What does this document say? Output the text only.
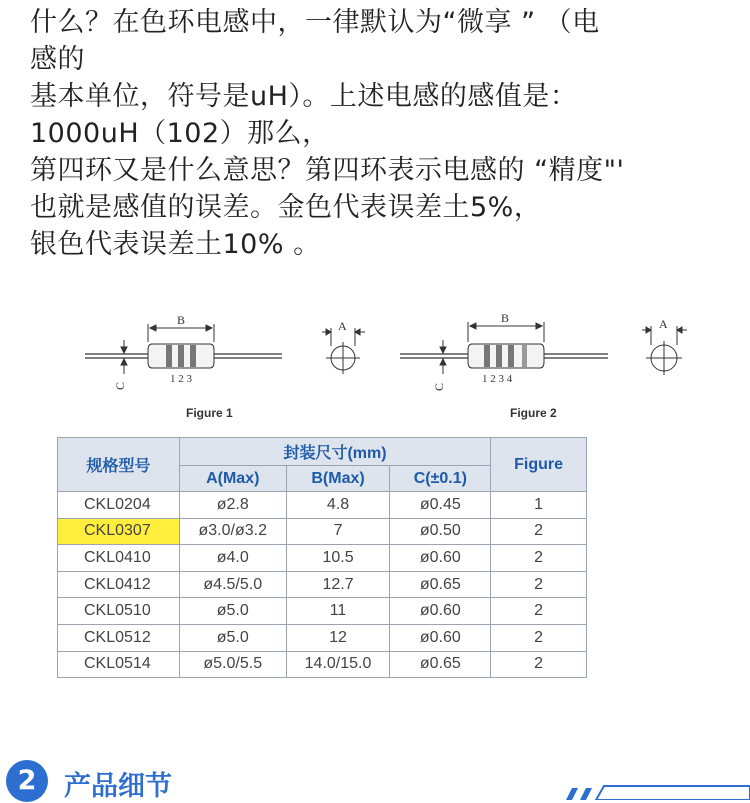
什么？在色环电感中，一律默认为“微享 ” （电

感的

基本单位，符号是uH）。上述电感的感值是：

1000uH（102）那么，

第四环又是什么意思？第四环表示电感的 “精度"'

也就是感值的误差。金色代表误差土5%，

银色代表误差土10% 。

B
C
1 2 3
A
B
C
1 2 3 4
A
Figure 1	Figure 2
规格型号	封装尺寸(mm)			Figure
	A(Max)	B(Max)	C(±0.1)	
CKL0204	ø2.8	4.8	ø0.45	1
CKL0307	ø3.0/ø3.2	7	ø0.50	2
CKL0410	ø4.0	10.5	ø0.60	2
CKL0412	ø4.5/5.0	12.7	ø0.65	2
CKL0510	ø5.0	11	ø0.60	2
CKL0512	ø5.0	12	ø0.60	2
CKL0514	ø5.0/5.5	14.0/15.0	ø0.65	2
2	产品细节
